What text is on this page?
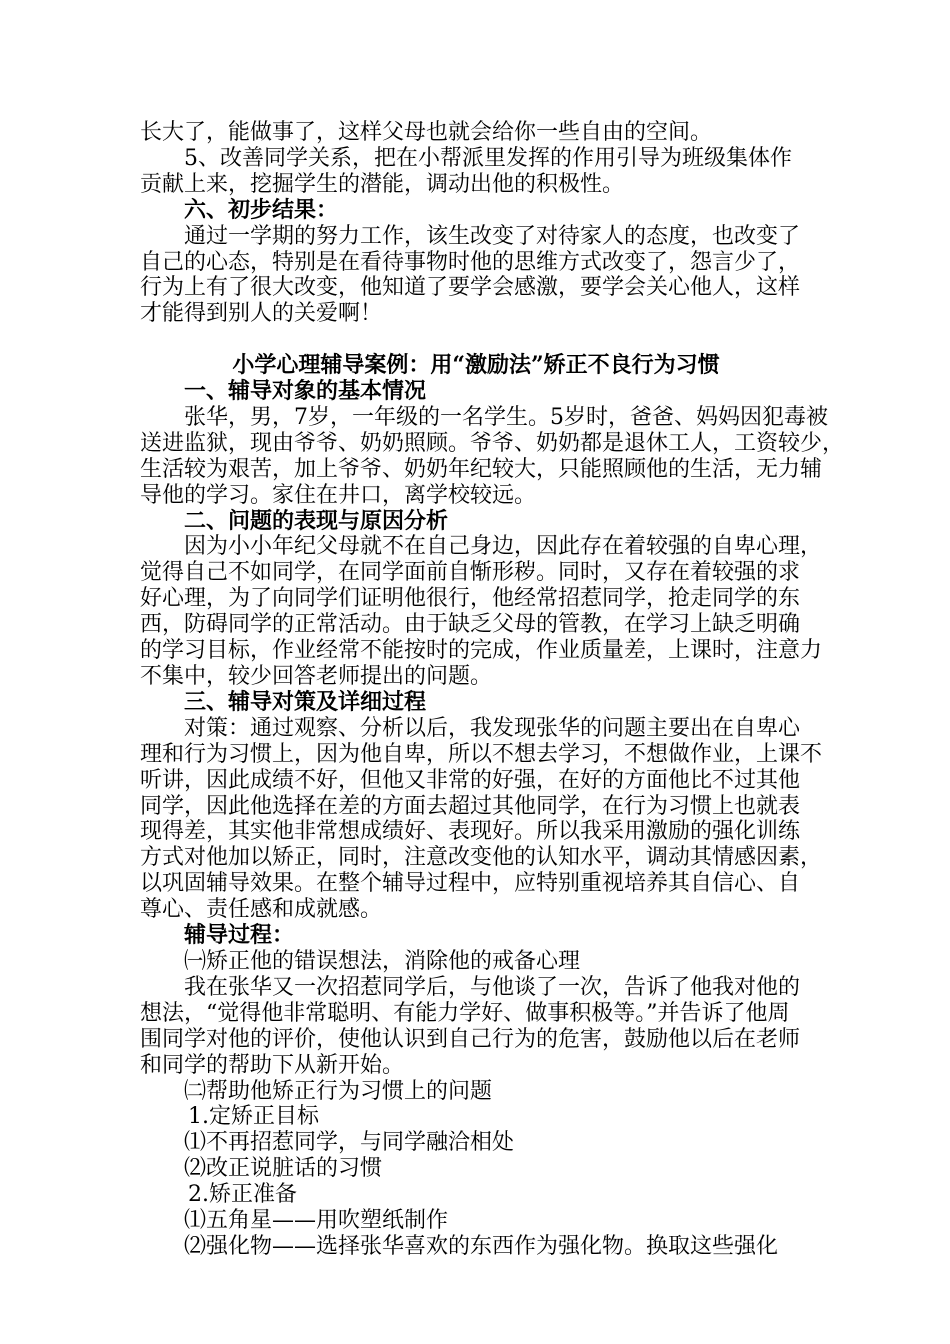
长大了，能做事了，这样父母也就会给你一些自由的空间。

5、改善同学关系，把在小帮派里发挥的作用引导为班级集体作

贡献上来，挖掘学生的潜能，调动出他的积极性。

六、初步结果：

通过一学期的努力工作，该生改变了对待家人的态度，也改变了

自己的心态，特别是在看待事物时他的思维方式改变了，怨言少了，

行为上有了很大改变，他知道了要学会感激，要学会关心他人，这样

才能得到别人的关爱啊！

小学心理辅导案例：用“激励法”矫正不良行为习惯

一、辅导对象的基本情况

张华，男，7岁，一年级的一名学生。5岁时，爸爸、妈妈因犯毒被

送进监狱，现由爷爷、奶奶照顾。爷爷、奶奶都是退休工人，工资较少，

生活较为艰苦，加上爷爷、奶奶年纪较大，只能照顾他的生活，无力辅

导他的学习。家住在井口，离学校较远。

二、问题的表现与原因分析

因为小小年纪父母就不在自己身边，因此存在着较强的自卑心理，

觉得自己不如同学，在同学面前自惭形秽。同时，又存在着较强的求

好心理，为了向同学们证明他很行，他经常招惹同学，抢走同学的东

西，防碍同学的正常活动。由于缺乏父母的管教，在学习上缺乏明确

的学习目标，作业经常不能按时的完成，作业质量差，上课时，注意力

不集中，较少回答老师提出的问题。

三、辅导对策及详细过程

对策：通过观察、分析以后，我发现张华的问题主要出在自卑心

理和行为习惯上，因为他自卑，所以不想去学习，不想做作业，上课不

听讲，因此成绩不好，但他又非常的好强，在好的方面他比不过其他

同学，因此他选择在差的方面去超过其他同学，在行为习惯上也就表

现得差，其实他非常想成绩好、表现好。所以我采用激励的强化训练

方式对他加以矫正，同时，注意改变他的认知水平，调动其情感因素，

以巩固辅导效果。在整个辅导过程中，应特别重视培养其自信心、自

尊心、责任感和成就感。

辅导过程：

㈠矫正他的错误想法，消除他的戒备心理

我在张华又一次招惹同学后，与他谈了一次，告诉了他我对他的

想法，“觉得他非常聪明、有能力学好、做事积极等。”并告诉了他周

围同学对他的评价，使他认识到自己行为的危害，鼓励他以后在老师

和同学的帮助下从新开始。

㈡帮助他矫正行为习惯上的问题

1.定矫正目标

⑴不再招惹同学，与同学融洽相处

⑵改正说脏话的习惯

2.矫正准备

⑴五角星——用吹塑纸制作

⑵强化物——选择张华喜欢的东西作为强化物。换取这些强化
